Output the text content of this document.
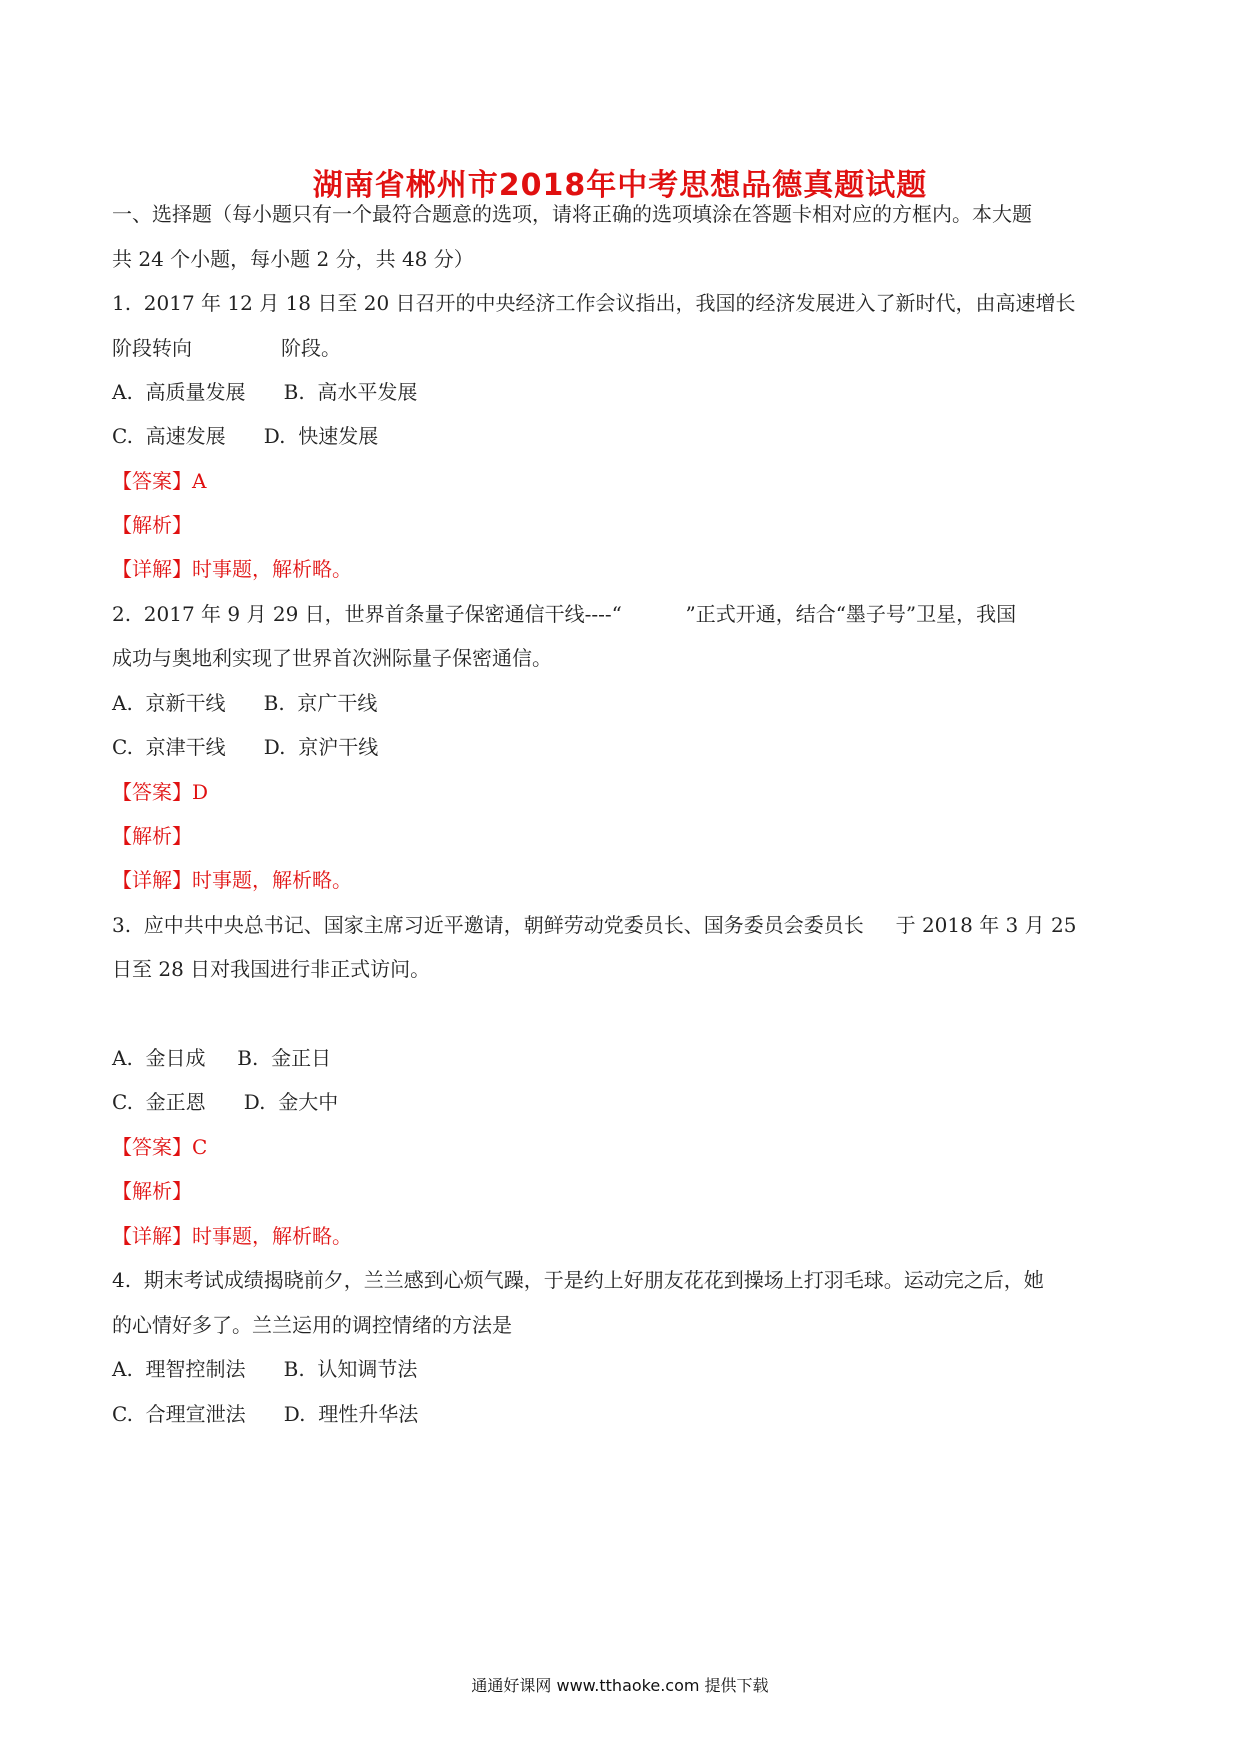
湖南省郴州市2018年中考思想品德真题试题
一、选择题（每小题只有一个最符合题意的选项，请将正确的选项填涂在答题卡相对应的方框内。本大题
共 24 个小题，每小题 2 分，共 48 分）
1.  2017 年 12 月 18 日至 20 日召开的中央经济工作会议指出，我国的经济发展进入了新时代，由高速增长
阶段转向              阶段。
A.  高质量发展      B.  高水平发展
C.  高速发展      D.  快速发展
【答案】A
【解析】
【详解】时事题，解析略。
2.  2017 年 9 月 29 日，世界首条量子保密通信干线----“          ”正式开通，结合“墨子号”卫星，我国
成功与奥地利实现了世界首次洲际量子保密通信。
A.  京新干线      B.  京广干线
C.  京津干线      D.  京沪干线
【答案】D
【解析】
【详解】时事题，解析略。
3.  应中共中央总书记、国家主席习近平邀请，朝鲜劳动党委员长、国务委员会委员长     于 2018 年 3 月 25
日至 28 日对我国进行非正式访问。
A.  金日成     B.  金正日
C.  金正恩      D.  金大中
【答案】C
【解析】
【详解】时事题，解析略。
4.  期末考试成绩揭晓前夕，兰兰感到心烦气躁，于是约上好朋友花花到操场上打羽毛球。运动完之后，她
的心情好多了。兰兰运用的调控情绪的方法是
A.  理智控制法      B.  认知调节法
C.  合理宣泄法      D.  理性升华法
通通好课网 www.tthaoke.com 提供下载
